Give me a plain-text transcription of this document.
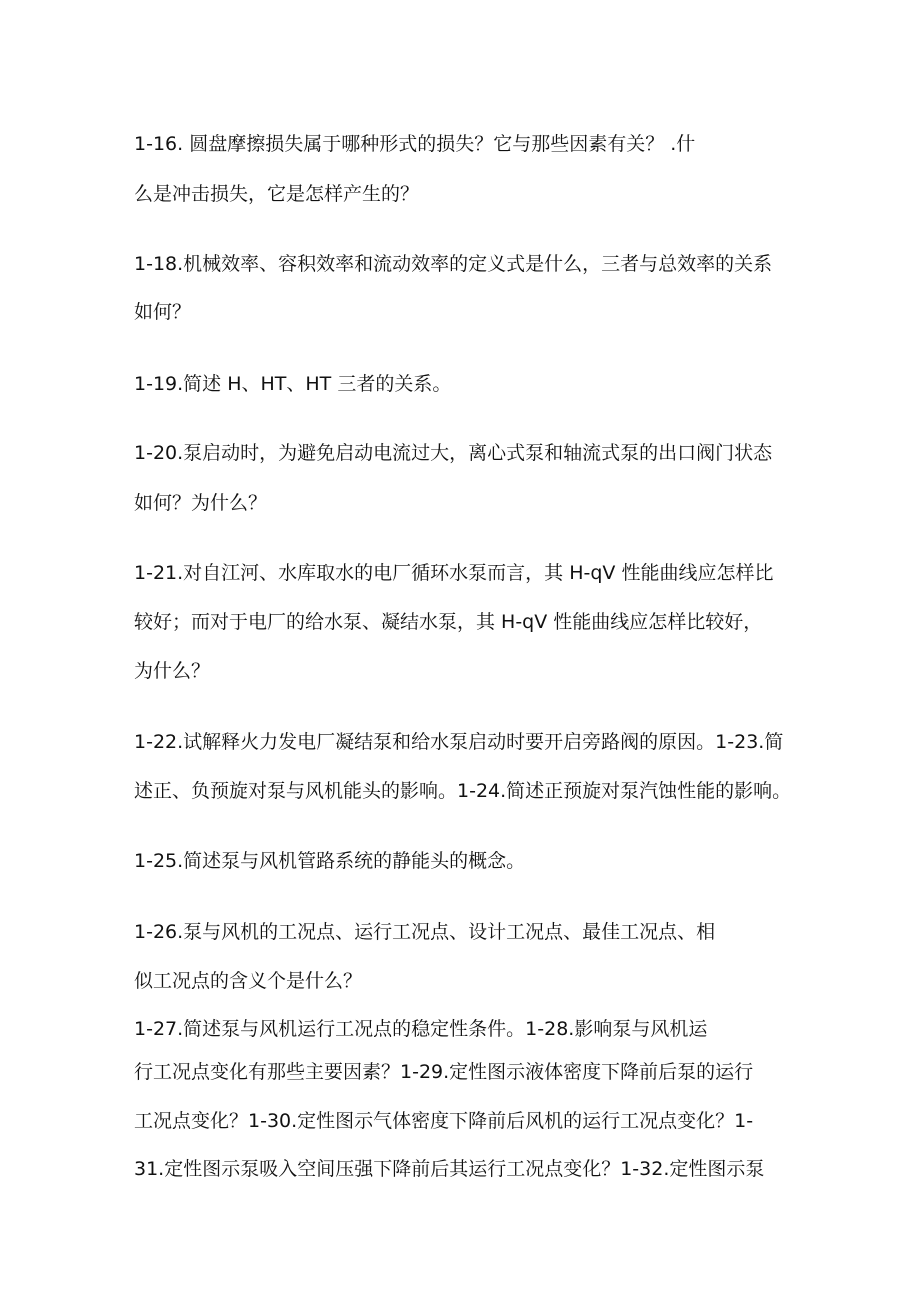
1-16. 圆盘摩擦损失属于哪种形式的损失？它与那些因素有关？ .什
么是冲击损失，它是怎样产生的？
1-18.机械效率、容积效率和流动效率的定义式是什么，三者与总效率的关系
如何？
1-19.简述 H、HT、HT 三者的关系。
1-20.泵启动时，为避免启动电流过大，离心式泵和轴流式泵的出口阀门状态
如何？为什么？
1-21.对自江河、水库取水的电厂循环水泵而言，其 H-qV 性能曲线应怎样比
较好；而对于电厂的给水泵、凝结水泵，其 H-qV 性能曲线应怎样比较好，
为什么？
1-22.试解释火力发电厂凝结泵和给水泵启动时要开启旁路阀的原因。1-23.简
述正、负预旋对泵与风机能头的影响。1-24.简述正预旋对泵汽蚀性能的影响。
1-25.简述泵与风机管路系统的静能头的概念。
1-26.泵与风机的工况点、运行工况点、设计工况点、最佳工况点、相
似工况点的含义个是什么？
1-27.简述泵与风机运行工况点的稳定性条件。1-28.影响泵与风机运
行工况点变化有那些主要因素？1-29.定性图示液体密度下降前后泵的运行
工况点变化？1-30.定性图示气体密度下降前后风机的运行工况点变化？1-
31.定性图示泵吸入空间压强下降前后其运行工况点变化？1-32.定性图示泵
